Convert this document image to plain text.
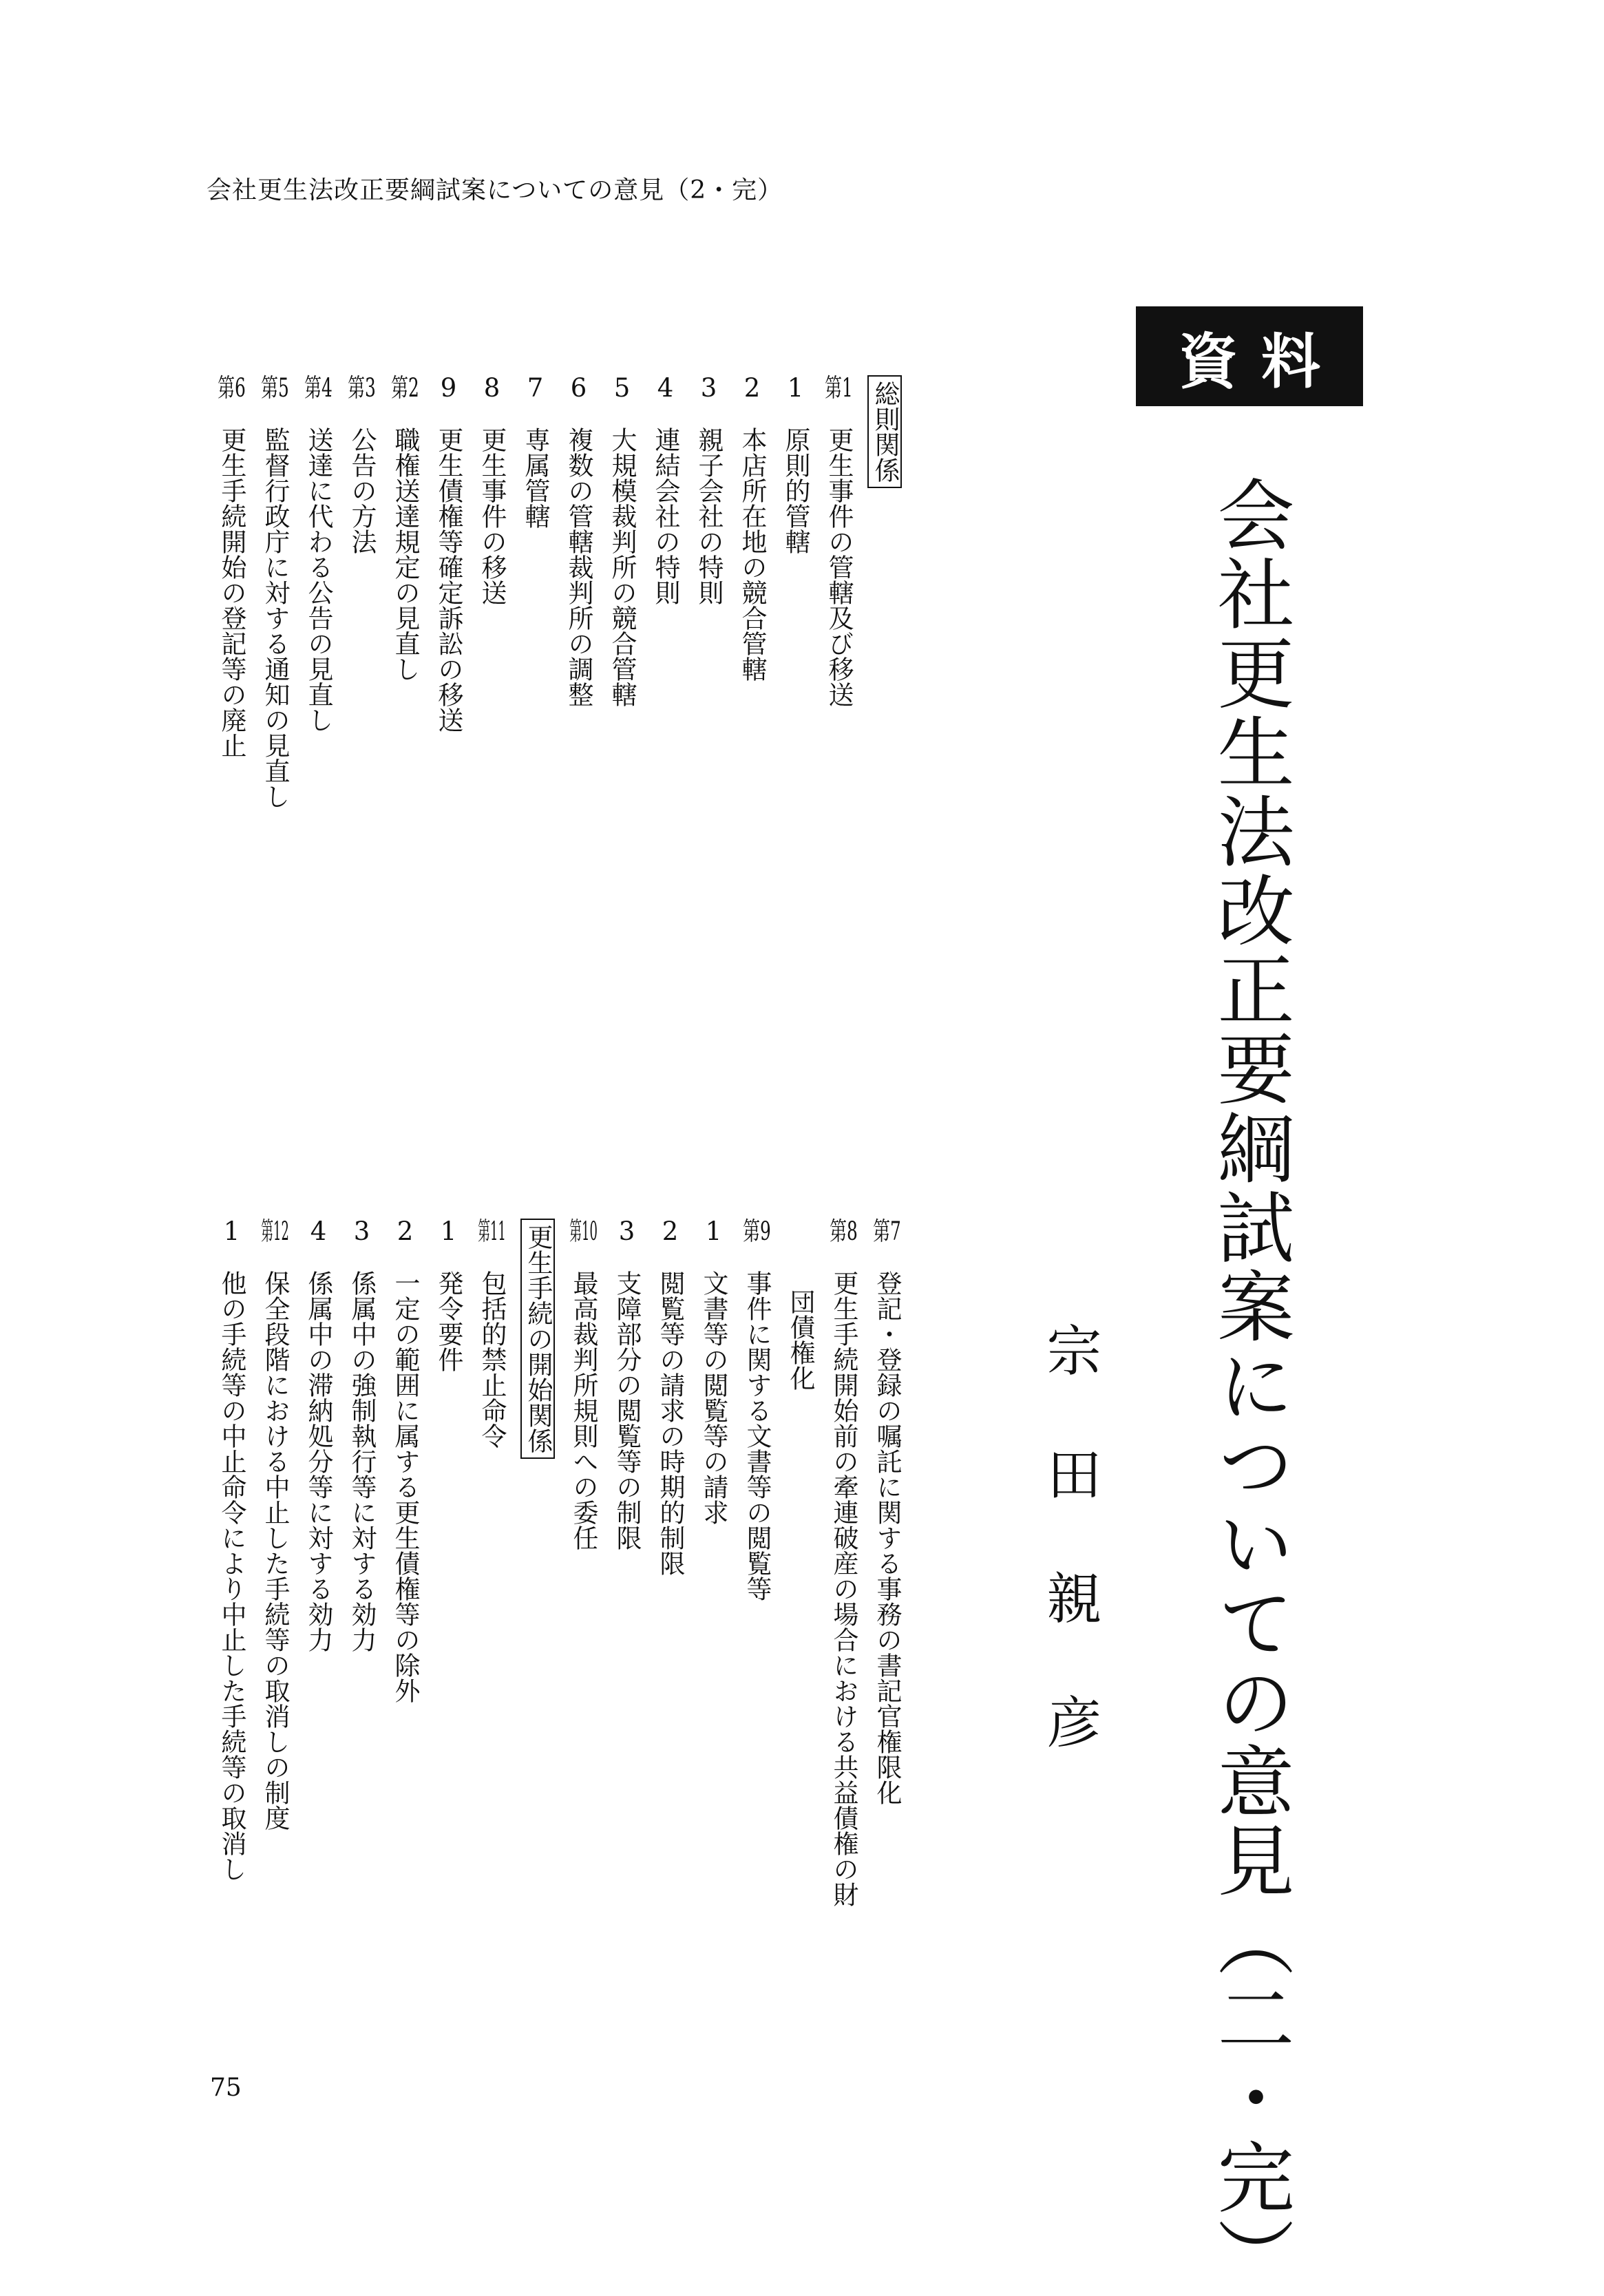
会社更生法改正要綱試案についての意見（2・完）
資料
会社更生法改正要綱試案についての意見（二・完）
宗田親彦
総則関係
第1更生事件の管轄及び移送
1原則的管轄
2本店所在地の競合管轄
3親子会社の特則
4連結会社の特則
5大規模裁判所の競合管轄
6複数の管轄裁判所の調整
7専属管轄
8更生事件の移送
9更生債権等確定訴訟の移送
第2職権送達規定の見直し
第3公告の方法
第4送達に代わる公告の見直し
第5監督行政庁に対する通知の見直し
第6更生手続開始の登記等の廃止
第7登記・登録の嘱託に関する事務の書記官権限化
第8更生手続開始前の牽連破産の場合における共益債権の財
団債権化
第9事件に関する文書等の閲覧等
1文書等の閲覧等の請求
2閲覧等の請求の時期的制限
3支障部分の閲覧等の制限
第10最高裁判所規則への委任
更生手続の開始関係
第11包括的禁止命令
1発令要件
2一定の範囲に属する更生債権等の除外
3係属中の強制執行等に対する効力
4係属中の滞納処分等に対する効力
第12保全段階における中止した手続等の取消しの制度
1他の手続等の中止命令により中止した手続等の取消し
75
